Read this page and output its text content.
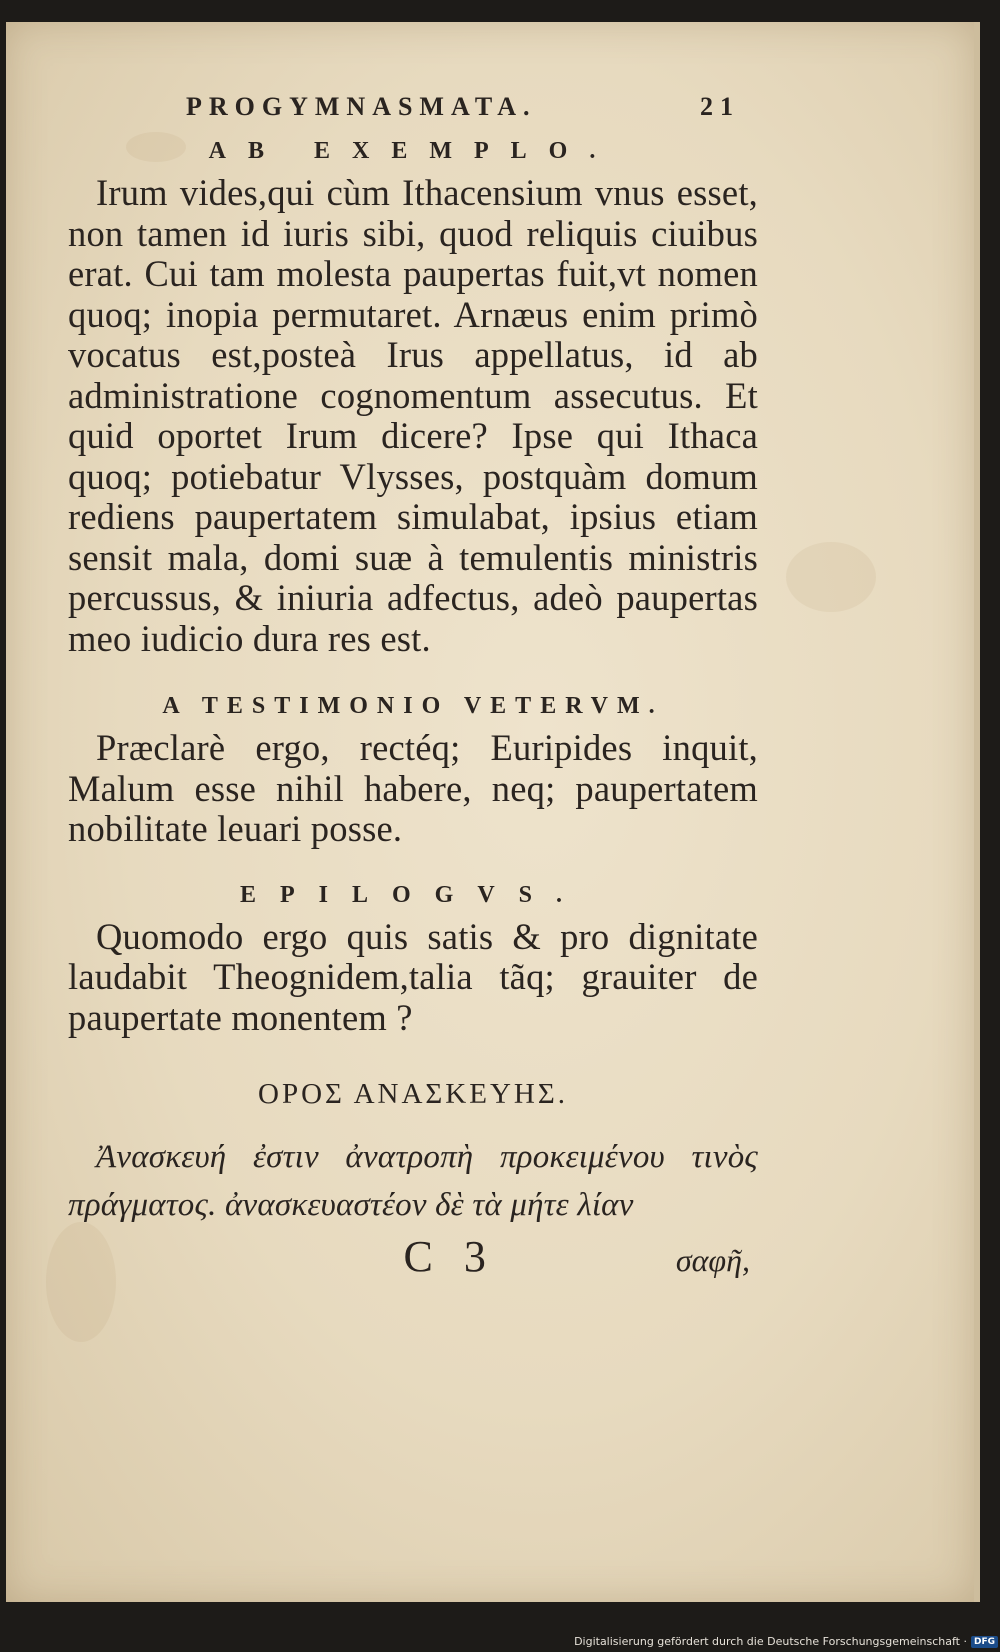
PROGYMNASMATA.	21
AB EXEMPLO.

Irum vides,qui cùm Ithacensium vnus esset, non tamen id iuris sibi, quod reliquis ciuibus erat. Cui tam molesta paupertas fuit,vt nomen quoq; inopia permutaret. Arnæus enim primò vocatus est,posteà Irus appellatus, id ab administratione cognomentum assecutus. Et quid oportet Irum dicere? Ipse qui Ithaca quoq; potiebatur Vlysses, postquàm domum rediens paupertatem simulabat, ipsius etiam sensit mala, domi suæ à temulentis ministris percussus, & iniuria adfectus, adeò paupertas meo iudicio dura res est.

A TESTIMONIO VETERVM.

Præclarè ergo, rectéq; Euripides inquit, Malum esse nihil habere, neq; paupertatem nobilitate leuari posse.

EPILOGVS.

Quomodo ergo quis satis & pro dignitate laudabit Theognidem,talia tãq; grauiter de paupertate monentem ?

ΟΡΟΣ ΑΝΑΣΚΕΥΗΣ.

Ἀνασκευή ἐστιν ἀνατροπὴ προκειμένου τινὸς πράγματος. ἀνασκευαστέον δὲ τὰ μήτε λίαν

C 3	σαφῆ,
Digitalisierung gefördert durch die Deutsche Forschungsgemeinschaft · DFG
